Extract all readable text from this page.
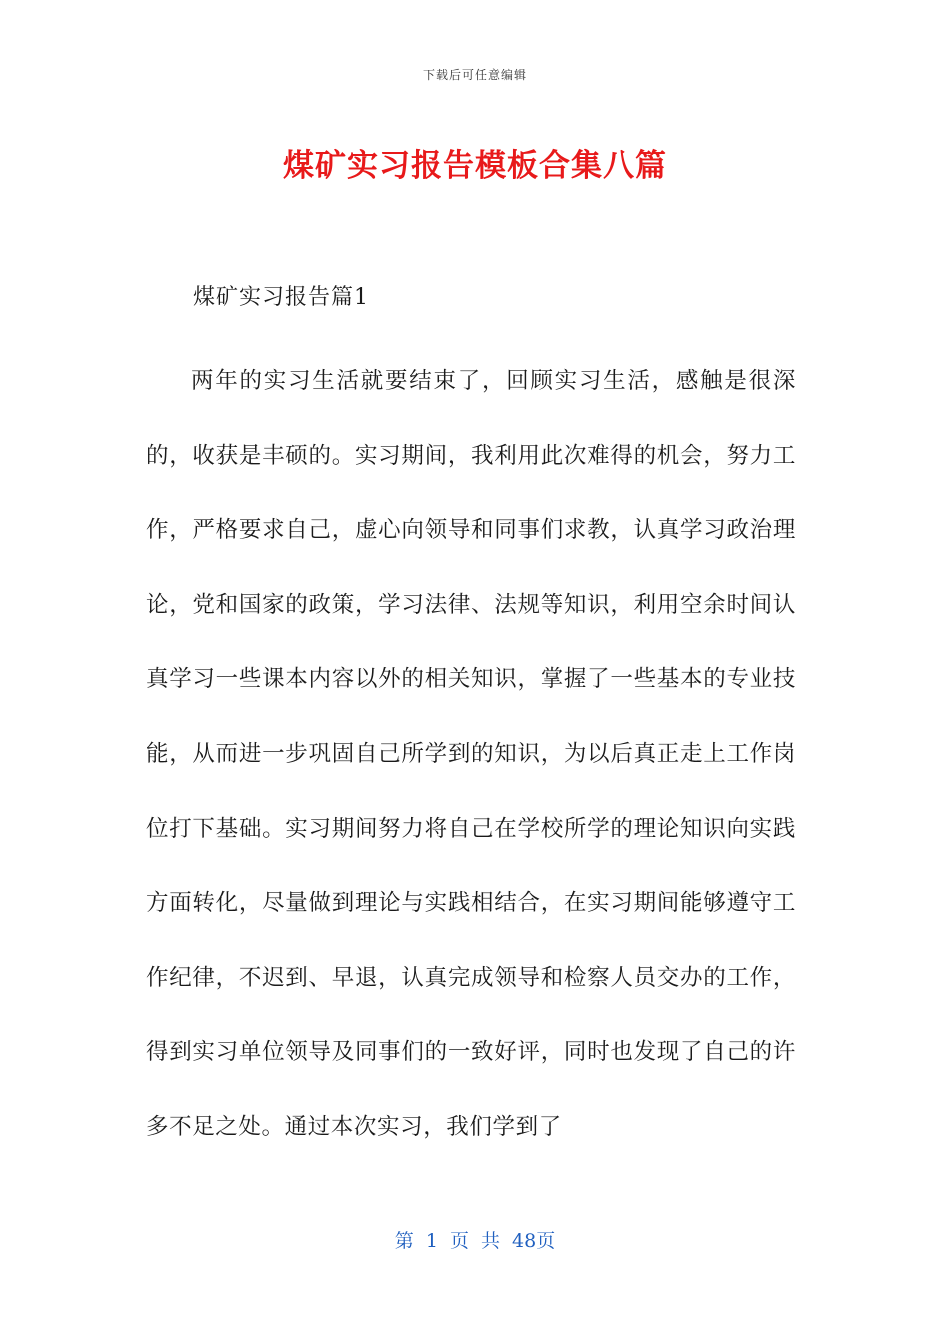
下载后可任意编辑
煤矿实习报告模板合集八篇
煤矿实习报告篇1

两年的实习生活就要结束了，回顾实习生活，感触是很深的，收获是丰硕的。实习期间，我利用此次难得的机会，努力工作，严格要求自己，虚心向领导和同事们求教，认真学习政治理论，党和国家的政策，学习法律、法规等知识，利用空余时间认真学习一些课本内容以外的相关知识，掌握了一些基本的专业技能，从而进一步巩固自己所学到的知识，为以后真正走上工作岗位打下基础。实习期间努力将自己在学校所学的理论知识向实践方面转化，尽量做到理论与实践相结合，在实习期间能够遵守工作纪律，不迟到、早退，认真完成领导和检察人员交办的工作，得到实习单位领导及同事们的一致好评，同时也发现了自己的许多不足之处。通过本次实习，我们学到了

第 1 页 共 48页
